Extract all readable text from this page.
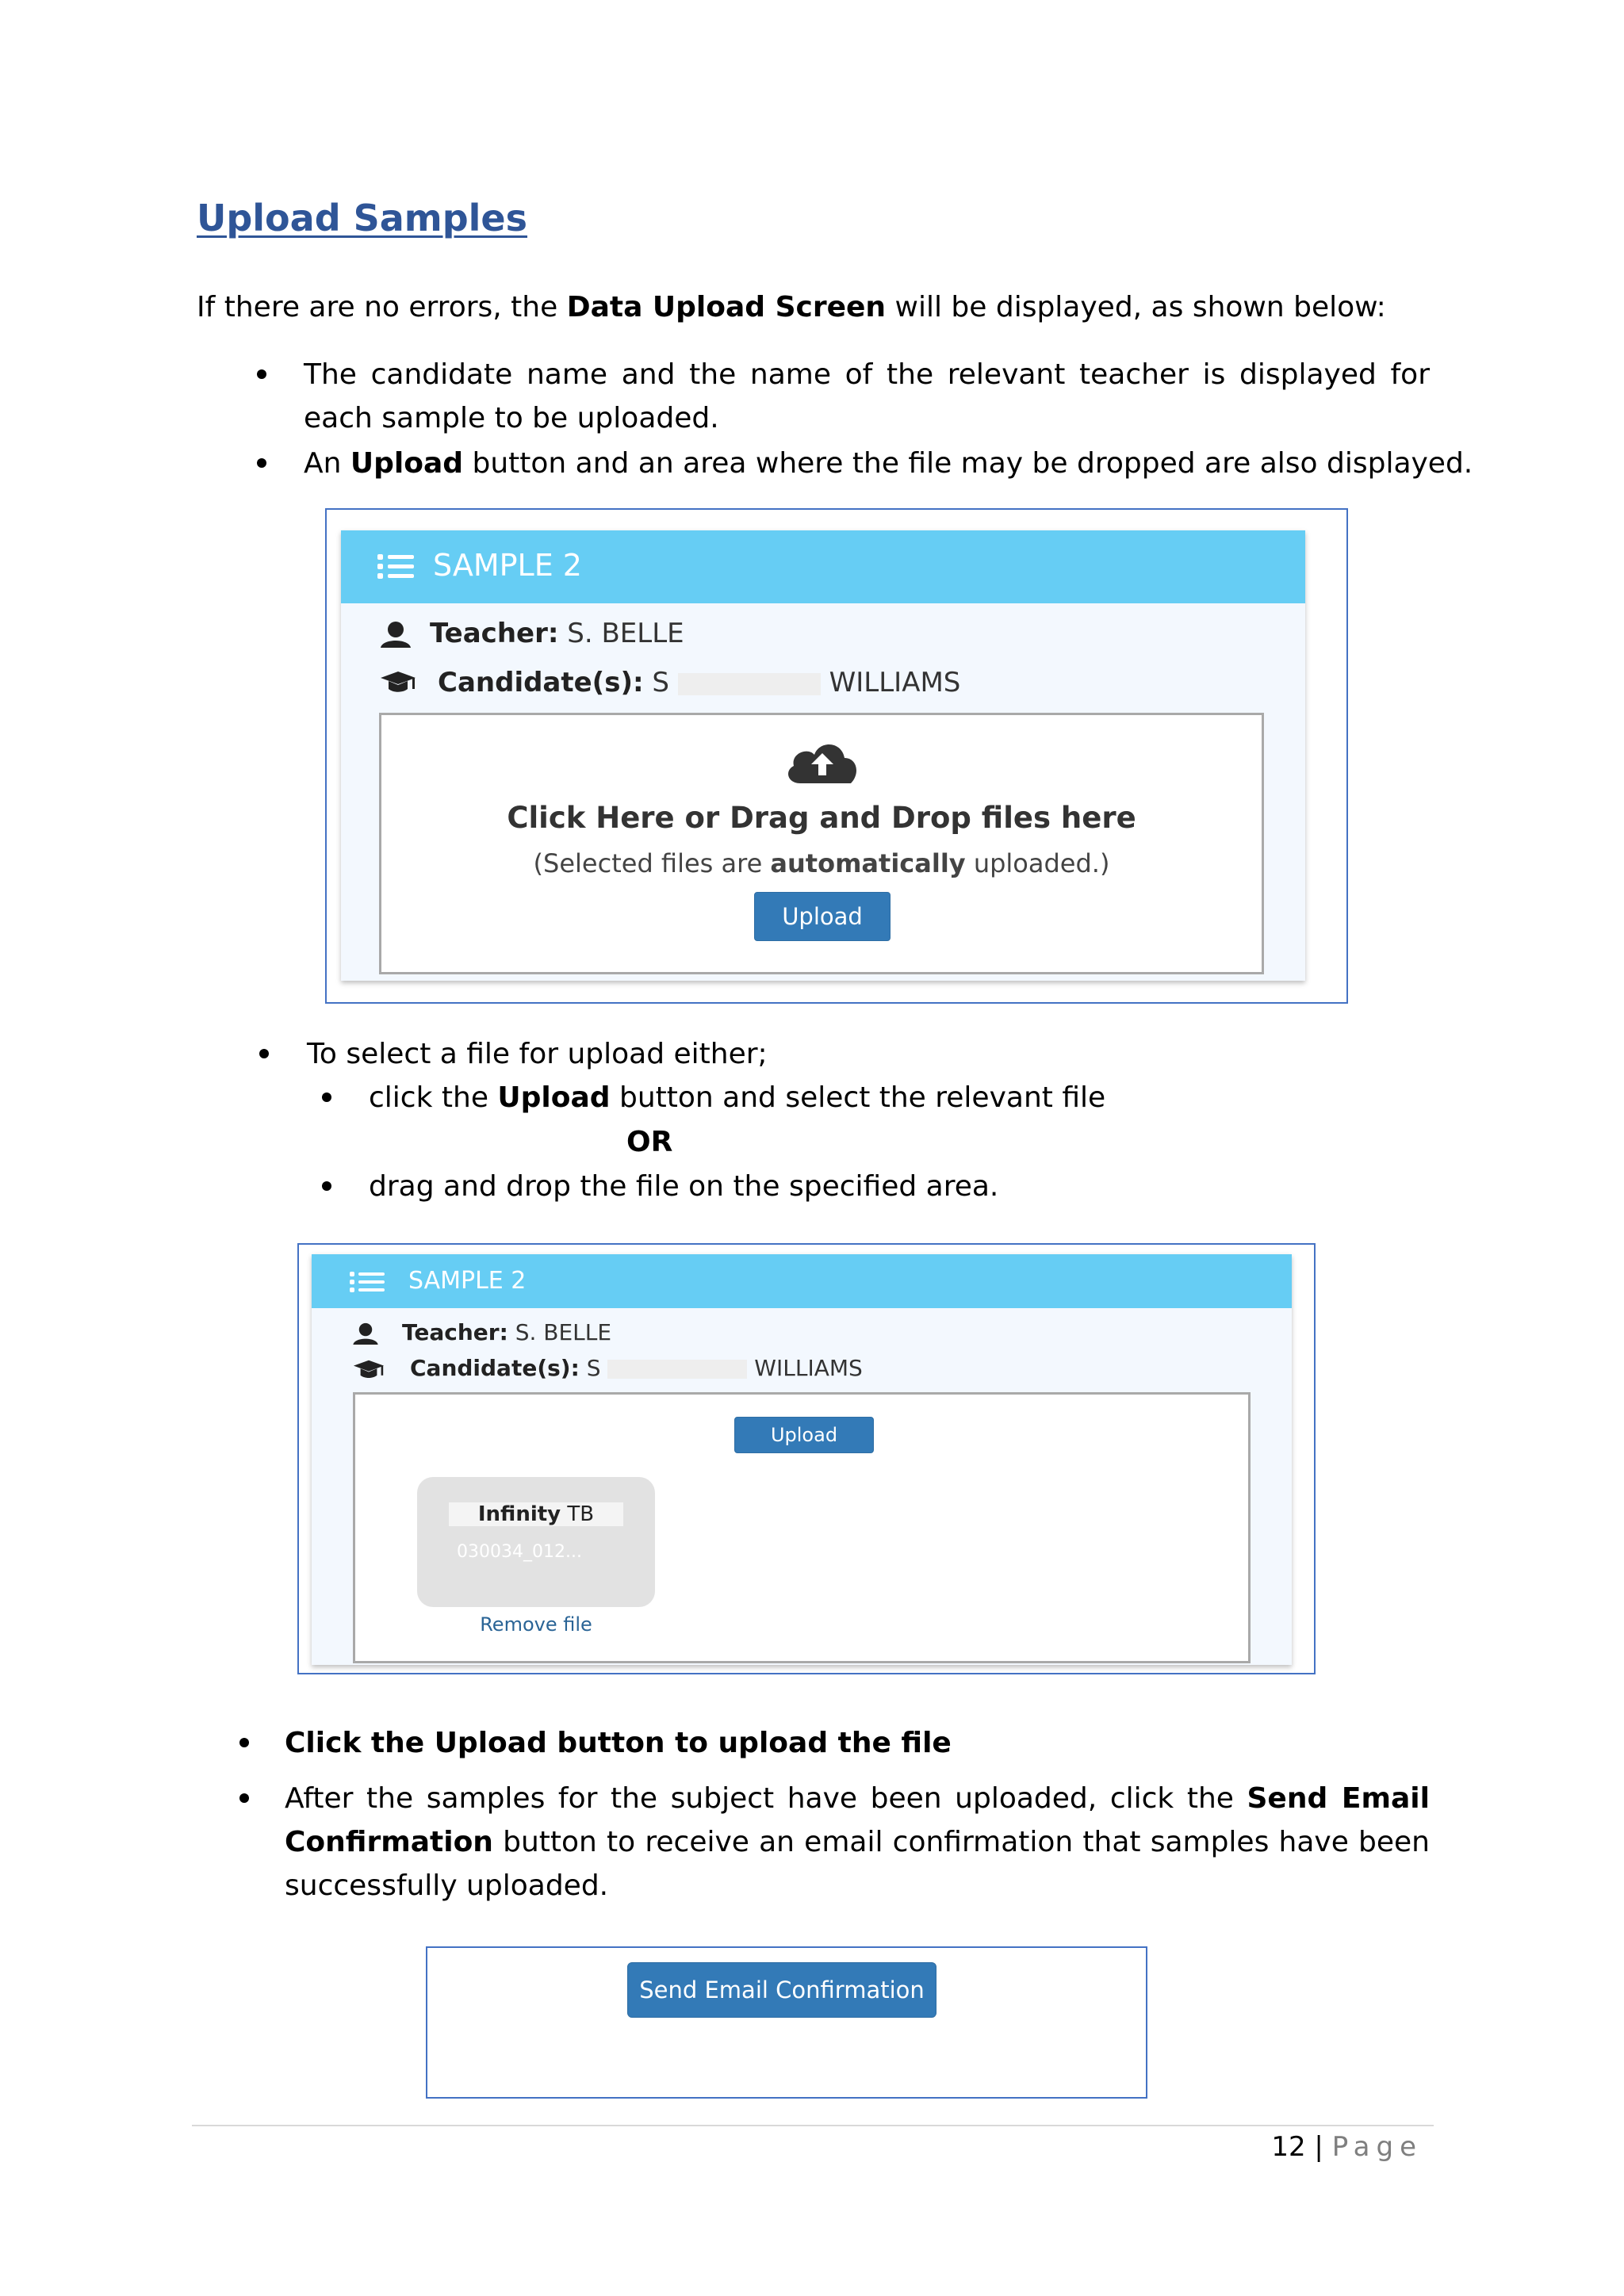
Upload Samples
If there are no errors, the Data Upload Screen will be displayed, as shown below:
The candidate name and the name of the relevant teacher is displayed for each sample to be uploaded.
An Upload button and an area where the file may be dropped are also displayed.
SAMPLE 2
Teacher: S. BELLE
Candidate(s): S	WILLIAMS
Click Here or Drag and Drop files here
(Selected files are automatically uploaded.)
Upload
To select a file for upload either;
click the Upload button and select the relevant file
OR
drag and drop the file on the specified area.
SAMPLE 2
Teacher: S. BELLE
Candidate(s): S	WILLIAMS
Upload
Infinity TB
030034_012...
Remove file
Click the Upload button to upload the file
After the samples for the subject have been uploaded, click the Send Email Confirmation button to receive an email confirmation that samples have been successfully uploaded.
Send Email Confirmation
12 | Page
